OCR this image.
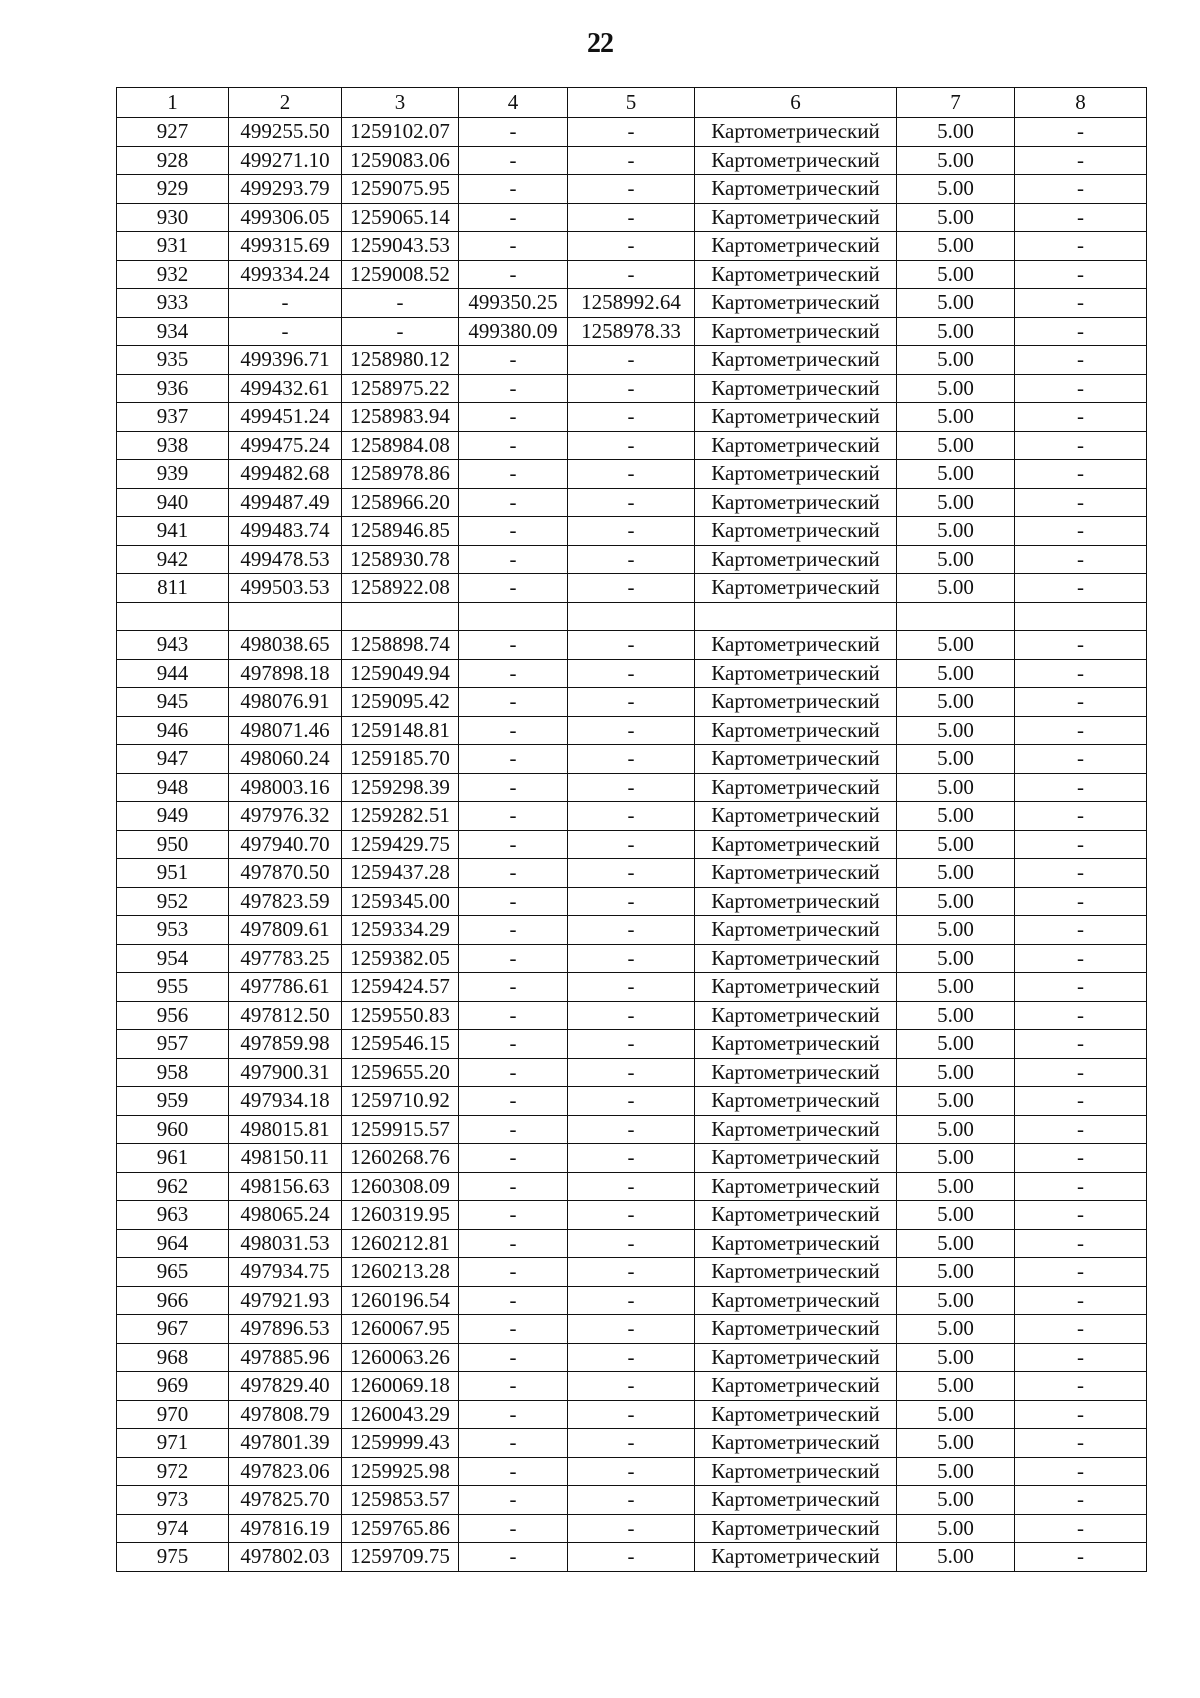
22
1	2	3	4	5	6	7	8
927	499255.50	1259102.07	-	-	Картометрический	5.00	-
928	499271.10	1259083.06	-	-	Картометрический	5.00	-
929	499293.79	1259075.95	-	-	Картометрический	5.00	-
930	499306.05	1259065.14	-	-	Картометрический	5.00	-
931	499315.69	1259043.53	-	-	Картометрический	5.00	-
932	499334.24	1259008.52	-	-	Картометрический	5.00	-
933	-	-	499350.25	1258992.64	Картометрический	5.00	-
934	-	-	499380.09	1258978.33	Картометрический	5.00	-
935	499396.71	1258980.12	-	-	Картометрический	5.00	-
936	499432.61	1258975.22	-	-	Картометрический	5.00	-
937	499451.24	1258983.94	-	-	Картометрический	5.00	-
938	499475.24	1258984.08	-	-	Картометрический	5.00	-
939	499482.68	1258978.86	-	-	Картометрический	5.00	-
940	499487.49	1258966.20	-	-	Картометрический	5.00	-
941	499483.74	1258946.85	-	-	Картометрический	5.00	-
942	499478.53	1258930.78	-	-	Картометрический	5.00	-
811	499503.53	1258922.08	-	-	Картометрический	5.00	-

943	498038.65	1258898.74	-	-	Картометрический	5.00	-
944	497898.18	1259049.94	-	-	Картометрический	5.00	-
945	498076.91	1259095.42	-	-	Картометрический	5.00	-
946	498071.46	1259148.81	-	-	Картометрический	5.00	-
947	498060.24	1259185.70	-	-	Картометрический	5.00	-
948	498003.16	1259298.39	-	-	Картометрический	5.00	-
949	497976.32	1259282.51	-	-	Картометрический	5.00	-
950	497940.70	1259429.75	-	-	Картометрический	5.00	-
951	497870.50	1259437.28	-	-	Картометрический	5.00	-
952	497823.59	1259345.00	-	-	Картометрический	5.00	-
953	497809.61	1259334.29	-	-	Картометрический	5.00	-
954	497783.25	1259382.05	-	-	Картометрический	5.00	-
955	497786.61	1259424.57	-	-	Картометрический	5.00	-
956	497812.50	1259550.83	-	-	Картометрический	5.00	-
957	497859.98	1259546.15	-	-	Картометрический	5.00	-
958	497900.31	1259655.20	-	-	Картометрический	5.00	-
959	497934.18	1259710.92	-	-	Картометрический	5.00	-
960	498015.81	1259915.57	-	-	Картометрический	5.00	-
961	498150.11	1260268.76	-	-	Картометрический	5.00	-
962	498156.63	1260308.09	-	-	Картометрический	5.00	-
963	498065.24	1260319.95	-	-	Картометрический	5.00	-
964	498031.53	1260212.81	-	-	Картометрический	5.00	-
965	497934.75	1260213.28	-	-	Картометрический	5.00	-
966	497921.93	1260196.54	-	-	Картометрический	5.00	-
967	497896.53	1260067.95	-	-	Картометрический	5.00	-
968	497885.96	1260063.26	-	-	Картометрический	5.00	-
969	497829.40	1260069.18	-	-	Картометрический	5.00	-
970	497808.79	1260043.29	-	-	Картометрический	5.00	-
971	497801.39	1259999.43	-	-	Картометрический	5.00	-
972	497823.06	1259925.98	-	-	Картометрический	5.00	-
973	497825.70	1259853.57	-	-	Картометрический	5.00	-
974	497816.19	1259765.86	-	-	Картометрический	5.00	-
975	497802.03	1259709.75	-	-	Картометрический	5.00	-
